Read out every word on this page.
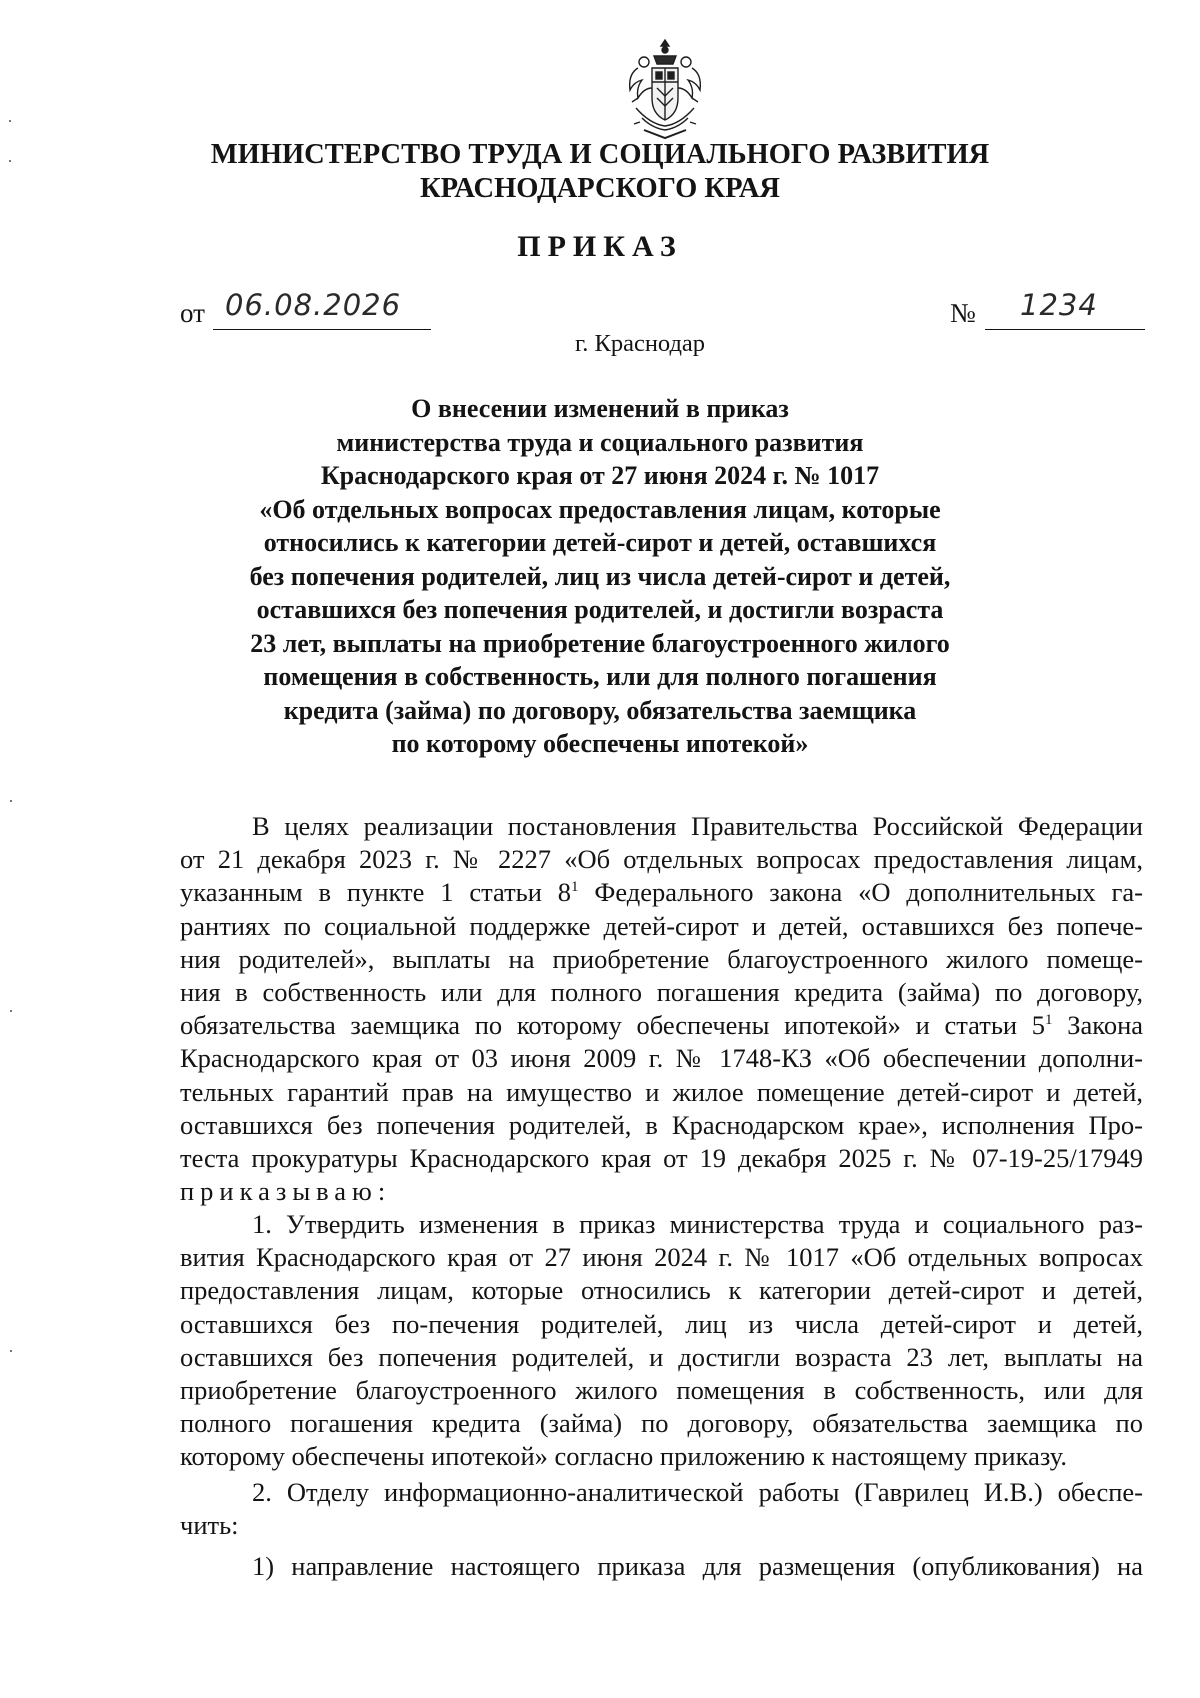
МИНИСТЕРСТВО ТРУДА И СОЦИАЛЬНОГО РАЗВИТИЯ
КРАСНОДАРСКОГО КРАЯ
ПРИКАЗ
от 06.08.2026	№ 1234
г. Краснодар
О внесении изменений в приказ
министерства труда и социального развития
Краснодарского края от 27 июня 2024 г. № 1017
«Об отдельных вопросах предоставления лицам, которые
относились к категории детей-сирот и детей, оставшихся
без попечения родителей, лиц из числа детей-сирот и детей,
оставшихся без попечения родителей, и достигли возраста
23 лет, выплаты на приобретение благоустроенного жилого
помещения в собственность, или для полного погашения
кредита (займа) по договору, обязательства заемщика
по которому обеспечены ипотекой»
В целях реализации постановления Правительства Российской Федерации
от 21 декабря 2023 г. № 2227 «Об отдельных вопросах предоставления лицам,
указанным в пункте 1 статьи $8^1$ Федерального закона «О дополнительных га-
рантиях по социальной поддержке детей-сирот и детей, оставшихся без попече-
ния родителей», выплаты на приобретение благоустроенного жилого помеще-
ния в собственность или для полного погашения кредита (займа) по договору,
обязательства заемщика по которому обеспечены ипотекой» и статьи $5^1$ Закона
Краснодарского края от 03 июня 2009 г. № 1748-КЗ «Об обеспечении дополни-
тельных гарантий прав на имущество и жилое помещение детей-сирот и детей,
оставшихся без попечения родителей, в Краснодарском крае», исполнения Про-
теста прокуратуры Краснодарского края от 19 декабря 2025 г. № 07-19-25/17949
приказываю:
1. Утвердить изменения в приказ министерства труда и социального раз-
вития Краснодарского края от 27 июня 2024 г. № 1017 «Об отдельных вопросах
предоставления лицам, которые относились к категории детей-сирот и детей,
оставшихся без по-печения родителей, лиц из числа детей-сирот и детей,
оставшихся без попечения родителей, и достигли возраста 23 лет, выплаты на
приобретение благоустроенного жилого помещения в собственность, или для
полного погашения кредита (займа) по договору, обязательства заемщика по
которому обеспечены ипотекой» согласно приложению к настоящему приказу.
2. Отделу информационно-аналитической работы (Гаврилец И.В.) обеспе-
чить:
1) направление настоящего приказа для размещения (опубликования) на
